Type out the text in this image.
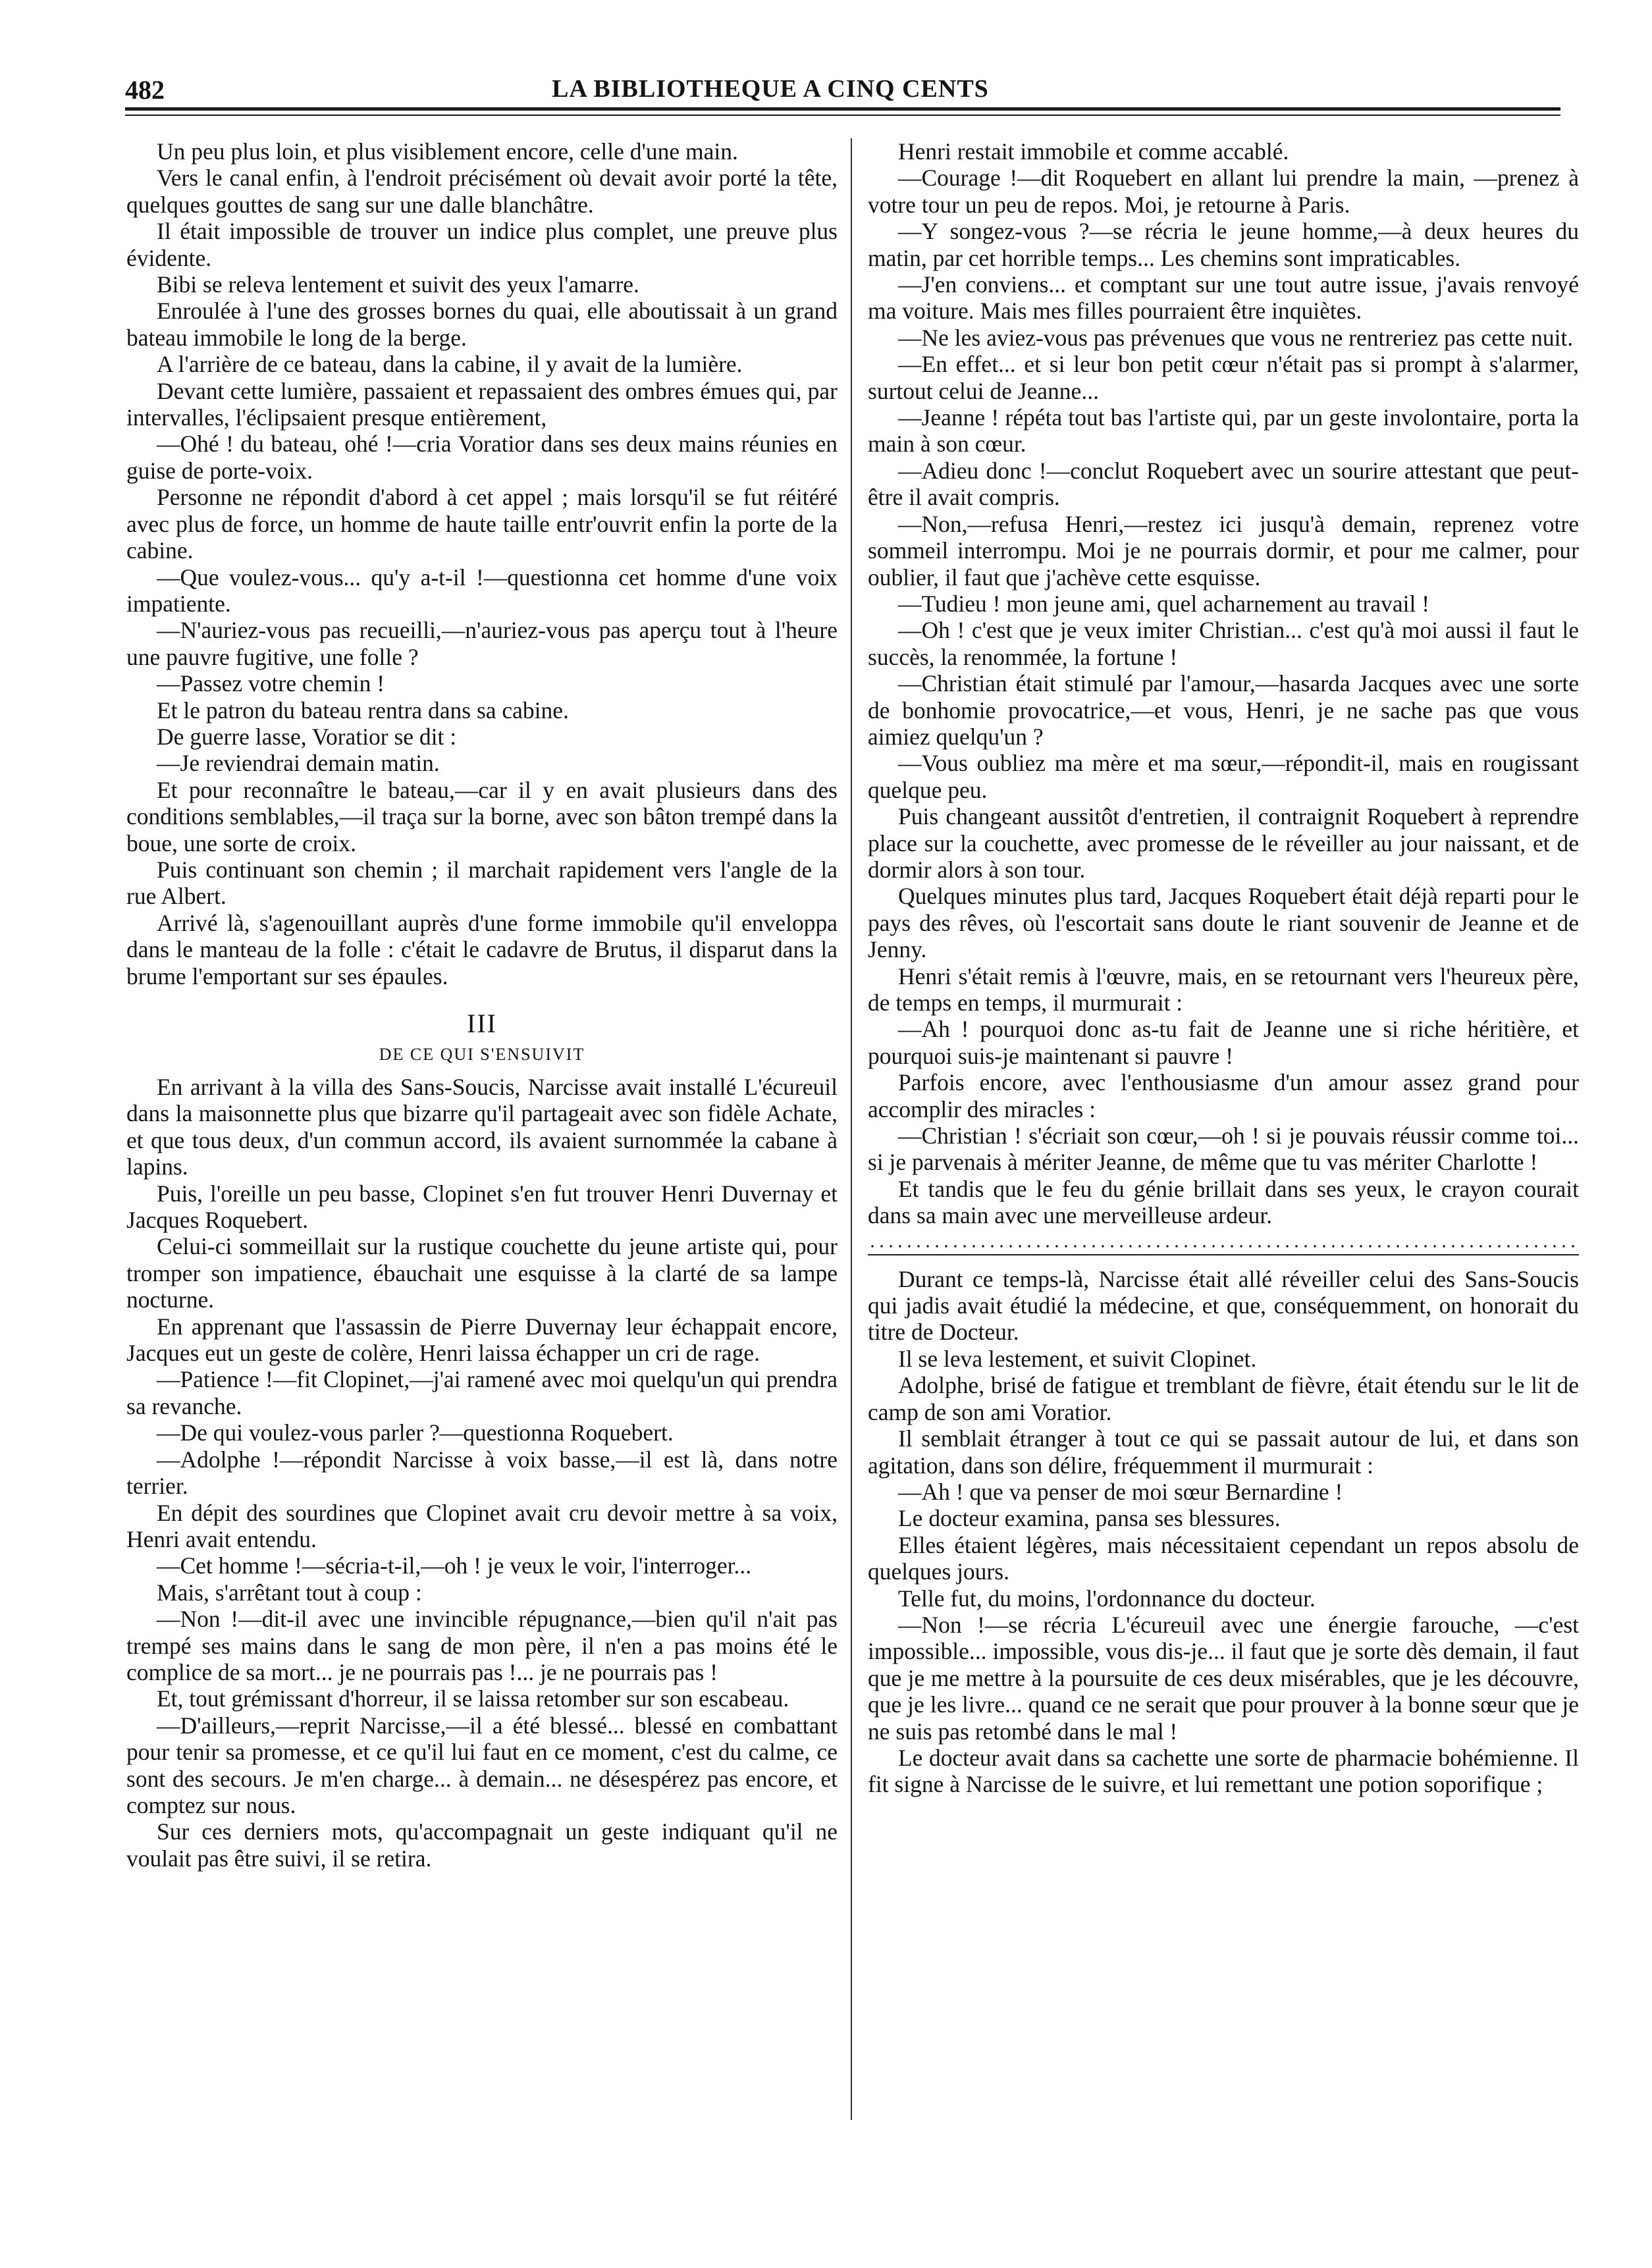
482	LA BIBLIOTHEQUE A CINQ CENTS

Un peu plus loin, et plus visiblement encore, celle d'une main.

Vers le canal enfin, à l'endroit précisément où devait avoir porté la tête, quelques gouttes de sang sur une dalle blanchâtre.

Il était impossible de trouver un indice plus complet, une preuve plus évidente.

Bibi se releva lentement et suivit des yeux l'amarre.

Enroulée à l'une des grosses bornes du quai, elle aboutissait à un grand bateau immobile le long de la berge.

A l'arrière de ce bateau, dans la cabine, il y avait de la lumière.

Devant cette lumière, passaient et repassaient des ombres émues qui, par intervalles, l'éclipsaient presque entièrement,

—Ohé ! du bateau, ohé !—cria Voratior dans ses deux mains réunies en guise de porte-voix.

Personne ne répondit d'abord à cet appel ; mais lorsqu'il se fut réitéré avec plus de force, un homme de haute taille entr'ouvrit enfin la porte de la cabine.

—Que voulez-vous... qu'y a-t-il !—questionna cet homme d'une voix impatiente.

—N'auriez-vous pas recueilli,—n'auriez-vous pas aperçu tout à l'heure une pauvre fugitive, une folle ?

—Passez votre chemin !

Et le patron du bateau rentra dans sa cabine.

De guerre lasse, Voratior se dit :

—Je reviendrai demain matin.

Et pour reconnaître le bateau,—car il y en avait plusieurs dans des conditions semblables,—il traça sur la borne, avec son bâton trempé dans la boue, une sorte de croix.

Puis continuant son chemin ; il marchait rapidement vers l'angle de la rue Albert.

Arrivé là, s'agenouillant auprès d'une forme immobile qu'il enveloppa dans le manteau de la folle : c'était le cadavre de Brutus, il disparut dans la brume l'emportant sur ses épaules.

III
DE CE QUI S'ENSUIVIT

En arrivant à la villa des Sans-Soucis, Narcisse avait installé L'écureuil dans la maisonnette plus que bizarre qu'il partageait avec son fidèle Achate, et que tous deux, d'un commun accord, ils avaient surnommée la cabane à lapins.

Puis, l'oreille un peu basse, Clopinet s'en fut trouver Henri Duvernay et Jacques Roquebert.

Celui-ci sommeillait sur la rustique couchette du jeune artiste qui, pour tromper son impatience, ébauchait une esquisse à la clarté de sa lampe nocturne.

En apprenant que l'assassin de Pierre Duvernay leur échappait encore, Jacques eut un geste de colère, Henri laissa échapper un cri de rage.

—Patience !—fit Clopinet,—j'ai ramené avec moi quelqu'un qui prendra sa revanche.

—De qui voulez-vous parler ?—questionna Roquebert.

—Adolphe !—répondit Narcisse à voix basse,—il est là, dans notre terrier.

En dépit des sourdines que Clopinet avait cru devoir mettre à sa voix, Henri avait entendu.

—Cet homme !—sécria-t-il,—oh ! je veux le voir, l'interroger...

Mais, s'arrêtant tout à coup :

—Non !—dit-il avec une invincible répugnance,—bien qu'il n'ait pas trempé ses mains dans le sang de mon père, il n'en a pas moins été le complice de sa mort... je ne pourrais pas !... je ne pourrais pas !

Et, tout grémissant d'horreur, il se laissa retomber sur son escabeau.

—D'ailleurs,—reprit Narcisse,—il a été blessé... blessé en combattant pour tenir sa promesse, et ce qu'il lui faut en ce moment, c'est du calme, ce sont des secours. Je m'en charge... à demain... ne désespérez pas encore, et comptez sur nous.

Sur ces derniers mots, qu'accompagnait un geste indiquant qu'il ne voulait pas être suivi, il se retira.

Henri restait immobile et comme accablé.

—Courage !—dit Roquebert en allant lui prendre la main, —prenez à votre tour un peu de repos. Moi, je retourne à Paris.

—Y songez-vous ?—se récria le jeune homme,—à deux heures du matin, par cet horrible temps... Les chemins sont impraticables.

—J'en conviens... et comptant sur une tout autre issue, j'avais renvoyé ma voiture. Mais mes filles pourraient être inquiètes.

—Ne les aviez-vous pas prévenues que vous ne rentreriez pas cette nuit.

—En effet... et si leur bon petit cœur n'était pas si prompt à s'alarmer, surtout celui de Jeanne...

—Jeanne ! répéta tout bas l'artiste qui, par un geste involontaire, porta la main à son cœur.

—Adieu donc !—conclut Roquebert avec un sourire attestant que peut-être il avait compris.

—Non,—refusa Henri,—restez ici jusqu'à demain, reprenez votre sommeil interrompu. Moi je ne pourrais dormir, et pour me calmer, pour oublier, il faut que j'achève cette esquisse.

—Tudieu ! mon jeune ami, quel acharnement au travail !

—Oh ! c'est que je veux imiter Christian... c'est qu'à moi aussi il faut le succès, la renommée, la fortune !

—Christian était stimulé par l'amour,—hasarda Jacques avec une sorte de bonhomie provocatrice,—et vous, Henri, je ne sache pas que vous aimiez quelqu'un ?

—Vous oubliez ma mère et ma sœur,—répondit-il, mais en rougissant quelque peu.

Puis changeant aussitôt d'entretien, il contraignit Roquebert à reprendre place sur la couchette, avec promesse de le réveiller au jour naissant, et de dormir alors à son tour.

Quelques minutes plus tard, Jacques Roquebert était déjà reparti pour le pays des rêves, où l'escortait sans doute le riant souvenir de Jeanne et de Jenny.

Henri s'était remis à l'œuvre, mais, en se retournant vers l'heureux père, de temps en temps, il murmurait :

—Ah ! pourquoi donc as-tu fait de Jeanne une si riche héritière, et pourquoi suis-je maintenant si pauvre !

Parfois encore, avec l'enthousiasme d'un amour assez grand pour accomplir des miracles :

—Christian ! s'écriait son cœur,—oh ! si je pouvais réussir comme toi... si je parvenais à mériter Jeanne, de même que tu vas mériter Charlotte !

Et tandis que le feu du génie brillait dans ses yeux, le crayon courait dans sa main avec une merveilleuse ardeur.

Durant ce temps-là, Narcisse était allé réveiller celui des Sans-Soucis qui jadis avait étudié la médecine, et que, conséquemment, on honorait du titre de Docteur.

Il se leva lestement, et suivit Clopinet.

Adolphe, brisé de fatigue et tremblant de fièvre, était étendu sur le lit de camp de son ami Voratior.

Il semblait étranger à tout ce qui se passait autour de lui, et dans son agitation, dans son délire, fréquemment il murmurait :

—Ah ! que va penser de moi sœur Bernardine !

Le docteur examina, pansa ses blessures.

Elles étaient légères, mais nécessitaient cependant un repos absolu de quelques jours.

Telle fut, du moins, l'ordonnance du docteur.

—Non !—se récria L'écureuil avec une énergie farouche, —c'est impossible... impossible, vous dis-je... il faut que je sorte dès demain, il faut que je me mettre à la poursuite de ces deux misérables, que je les découvre, que je les livre... quand ce ne serait que pour prouver à la bonne sœur que je ne suis pas retombé dans le mal !

Le docteur avait dans sa cachette une sorte de pharmacie bohémienne. Il fit signe à Narcisse de le suivre, et lui remettant une potion soporifique ;
